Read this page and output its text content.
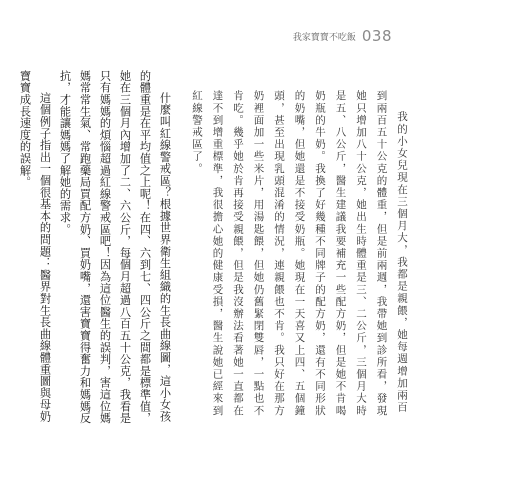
我家寶寶不吃飯 038

我的小女兒現在三個月大，我都是親餵，她每週增加兩百到兩百五十公克的體重，但是前兩週，我帶她到診所看，發現她只增加八十公克，她出生時體重是三、二公斤，三個月大時是五、八公斤，醫生建議我要補充一些配方奶，但是她不肯喝奶瓶的牛奶。我換了好幾種不同牌子的配方奶，還有不同形狀的奶嘴，但她還是不接受奶瓶。她現在一天喜又上四、五個鐘頭，甚至出現乳頭混淆的情況，連親餵也不肯。我只好在那方奶裡面加一些米片，用湯匙餵，但她仍舊緊閉雙唇，一點也不肯吃。幾乎她於肯再接受親餵，但是我沒辦法看著她一直都在達不到增重標準，我很擔心她的健康受損，醫生說她已經來到紅線警戒區了。

什麼叫紅線警戒區？根據世界衛生組織的生長曲線圖，這小女孩的體重是在平均值之上呢！在四、六到七、四公斤之間都是標準值，她在三個月內增加了二、六公斤，每個月超過八百五十公克，我看是只有媽媽的煩惱超過紅線警戒區吧！因為這位醫生的誤判，害這位媽媽常常生氣、常跑藥局買配方奶、買奶嘴，還害寶寶得奮力和媽媽反抗，才能讓媽媽了解她的需求。

這個例子指出一個很基本的問題：醫界對生長曲線體重圖與母奶寶寶成長速度的誤解。
